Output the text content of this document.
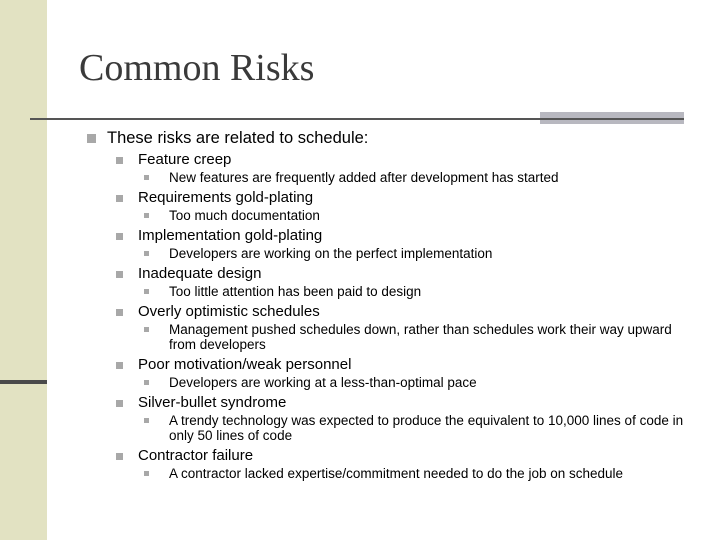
Common Risks
These risks are related to schedule:
Feature creep
New features are frequently added after development has started
Requirements gold-plating
Too much documentation
Implementation gold-plating
Developers are working on the perfect implementation
Inadequate design
Too little attention has been paid to design
Overly optimistic schedules
Management pushed schedules down, rather than schedules work their way upward from developers
Poor motivation/weak personnel
Developers are working at a less-than-optimal pace
Silver-bullet syndrome
A trendy technology was expected to produce the equivalent to 10,000 lines of code in only 50 lines of code
Contractor failure
A contractor lacked expertise/commitment needed to do the job on schedule
